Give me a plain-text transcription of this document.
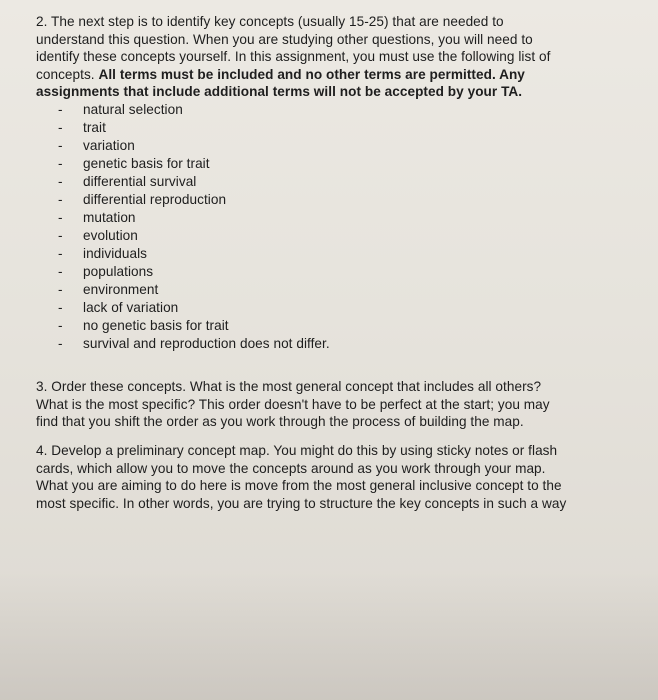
2. The next step is to identify key concepts (usually 15-25) that are needed to
understand this question. When you are studying other questions, you will need to
identify these concepts yourself. In this assignment, you must use the following list of
concepts. All terms must be included and no other terms are permitted. Any
assignments that include additional terms will not be accepted by your TA.
- natural selection
- trait
- variation
- genetic basis for trait
- differential survival
- differential reproduction
- mutation
- evolution
- individuals
- populations
- environment
- lack of variation
- no genetic basis for trait
- survival and reproduction does not differ.
3. Order these concepts. What is the most general concept that includes all others?
What is the most specific? This order doesn't have to be perfect at the start; you may
find that you shift the order as you work through the process of building the map.
4. Develop a preliminary concept map. You might do this by using sticky notes or flash
cards, which allow you to move the concepts around as you work through your map.
What you are aiming to do here is move from the most general inclusive concept to the
most specific. In other words, you are trying to structure the key concepts in such a way
